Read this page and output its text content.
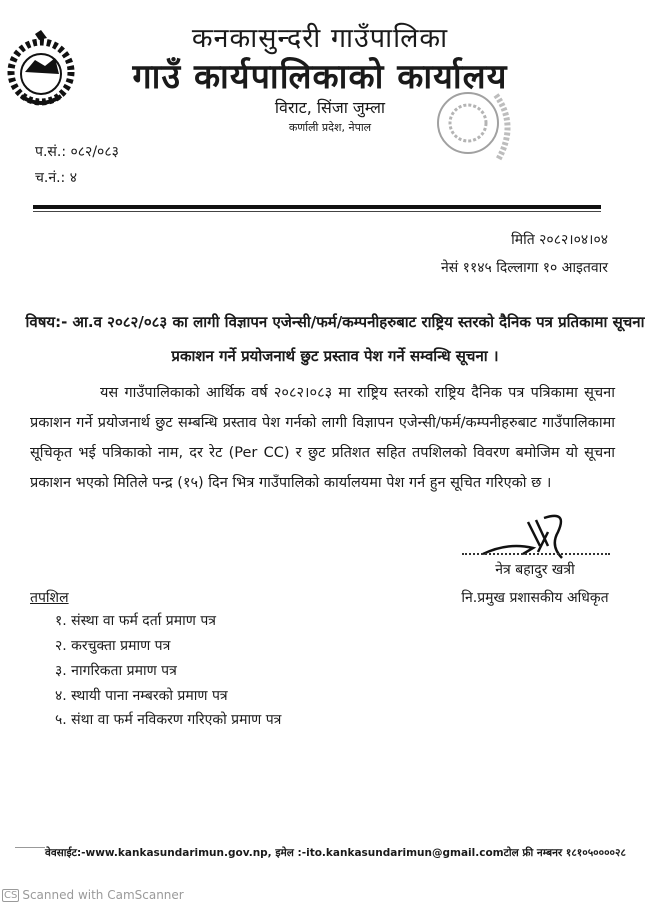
कनकासुन्दरी गाउँपालिका
गाउँ कार्यपालिकाको कार्यालय
विराट, सिंजा जुम्ला
कर्णाली प्रदेश, नेपाल
प.सं.: ०८२/०८३
च.नं.: ४
मिति २०८२।०४।०४
नेसं ११४५ दिल्लागा १० आइतवार
विषय:- आ.व २०८२/०८३ का लागी विज्ञापन एजेन्सी/फर्म/कम्पनीहरुबाट राष्ट्रिय स्तरको दैनिक पत्र प्रतिकामा सूचना प्रकाशन गर्ने प्रयोजनार्थ छुट प्रस्ताव पेश गर्ने सम्वन्धि सूचना ।
यस गाउँपालिकाको आर्थिक वर्ष २०८२।०८३ मा राष्ट्रिय स्तरको राष्ट्रिय दैनिक पत्र पत्रिकामा सूचना प्रकाशन गर्ने प्रयोजनार्थ छुट सम्बन्धि प्रस्ताव पेश गर्नको लागी विज्ञापन एजेन्सी/फर्म/कम्पनीहरुबाट गाउँपालिकामा सूचिकृत भई पत्रिकाको नाम, दर रेट (Per CC) र छुट प्रतिशत सहित तपशिलको विवरण बमोजिम यो सूचना प्रकाशन भएको मितिले पन्द्र (१५) दिन भित्र गाउँपालिको कार्यालयमा पेश गर्न हुन सूचित गरिएको छ ।
नेत्र बहादुर खत्री
नि.प्रमुख प्रशासकीय अधिकृत
तपशिल
१. संस्था वा फर्म दर्ता प्रमाण पत्र
२. करचुक्ता प्रमाण पत्र
३. नागरिकता प्रमाण पत्र
४. स्थायी पाना नम्बरको प्रमाण पत्र
५. संथा वा फर्म नविकरण गरिएको प्रमाण पत्र
वेवसाईट:-www.kankasundarimun.gov.np, इमेल :-ito.kankasundarimun@gmail.comटोल फ्री नम्बनर १८१०५००००२८
CS Scanned with CamScanner
